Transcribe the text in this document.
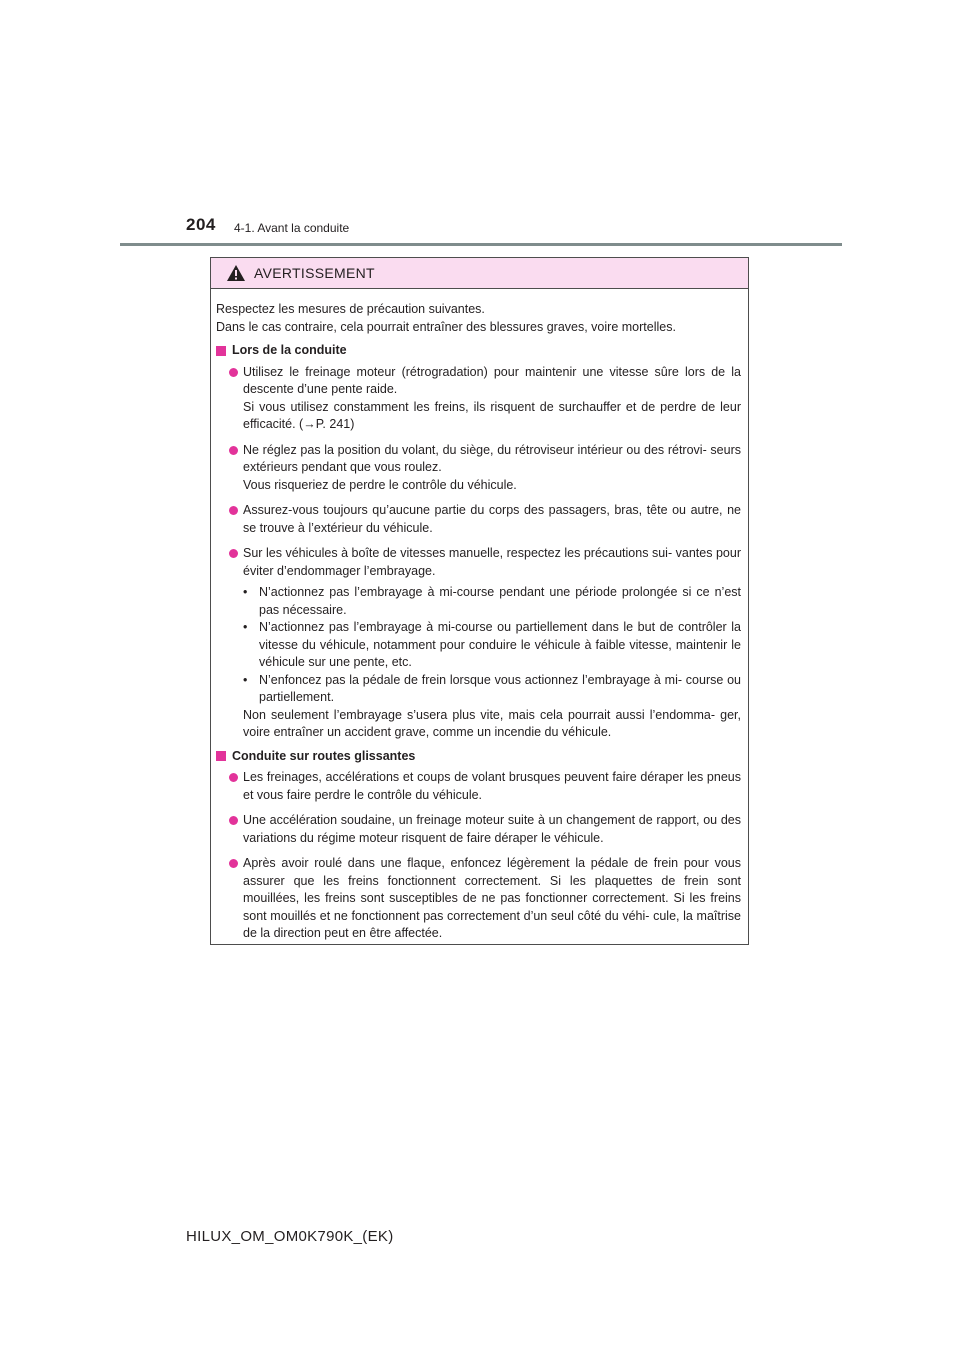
204 4-1. Avant la conduite
AVERTISSEMENT
Respectez les mesures de précaution suivantes.
Dans le cas contraire, cela pourrait entraîner des blessures graves, voire mortelles.
Lors de la conduite

Utilisez le freinage moteur (rétrogradation) pour maintenir une vitesse sûre lors de la descente d’une pente raide.

Si vous utilisez constamment les freins, ils risquent de surchauffer et de perdre de leur efficacité. (→P. 241)

Ne réglez pas la position du volant, du siège, du rétroviseur intérieur ou des rétrovi- seurs extérieurs pendant que vous roulez.

Vous risqueriez de perdre le contrôle du véhicule.

Assurez-vous toujours qu’aucune partie du corps des passagers, bras, tête ou autre, ne se trouve à l’extérieur du véhicule.

Sur les véhicules à boîte de vitesses manuelle, respectez les précautions sui- vantes pour éviter d’endommager l’embrayage.

• N’actionnez pas l’embrayage à mi-course pendant une période prolongée si ce n’est pas nécessaire.
• N’actionnez pas l’embrayage à mi-course ou partiellement dans le but de contrôler la vitesse du véhicule, notamment pour conduire le véhicule à faible vitesse, maintenir le véhicule sur une pente, etc.
• N’enfoncez pas la pédale de frein lorsque vous actionnez l’embrayage à mi- course ou partiellement.
Non seulement l’embrayage s’usera plus vite, mais cela pourrait aussi l’endomma- ger, voire entraîner un accident grave, comme un incendie du véhicule.
Conduite sur routes glissantes

Les freinages, accélérations et coups de volant brusques peuvent faire déraper les pneus et vous faire perdre le contrôle du véhicule.

Une accélération soudaine, un freinage moteur suite à un changement de rapport, ou des variations du régime moteur risquent de faire déraper le véhicule.

Après avoir roulé dans une flaque, enfoncez légèrement la pédale de frein pour vous assurer que les freins fonctionnent correctement. Si les plaquettes de frein sont mouillées, les freins sont susceptibles de ne pas fonctionner correctement. Si les freins sont mouillés et ne fonctionnent pas correctement d’un seul côté du véhi- cule, la maîtrise de la direction peut en être affectée.

HILUX_OM_OM0K790K_(EK)
